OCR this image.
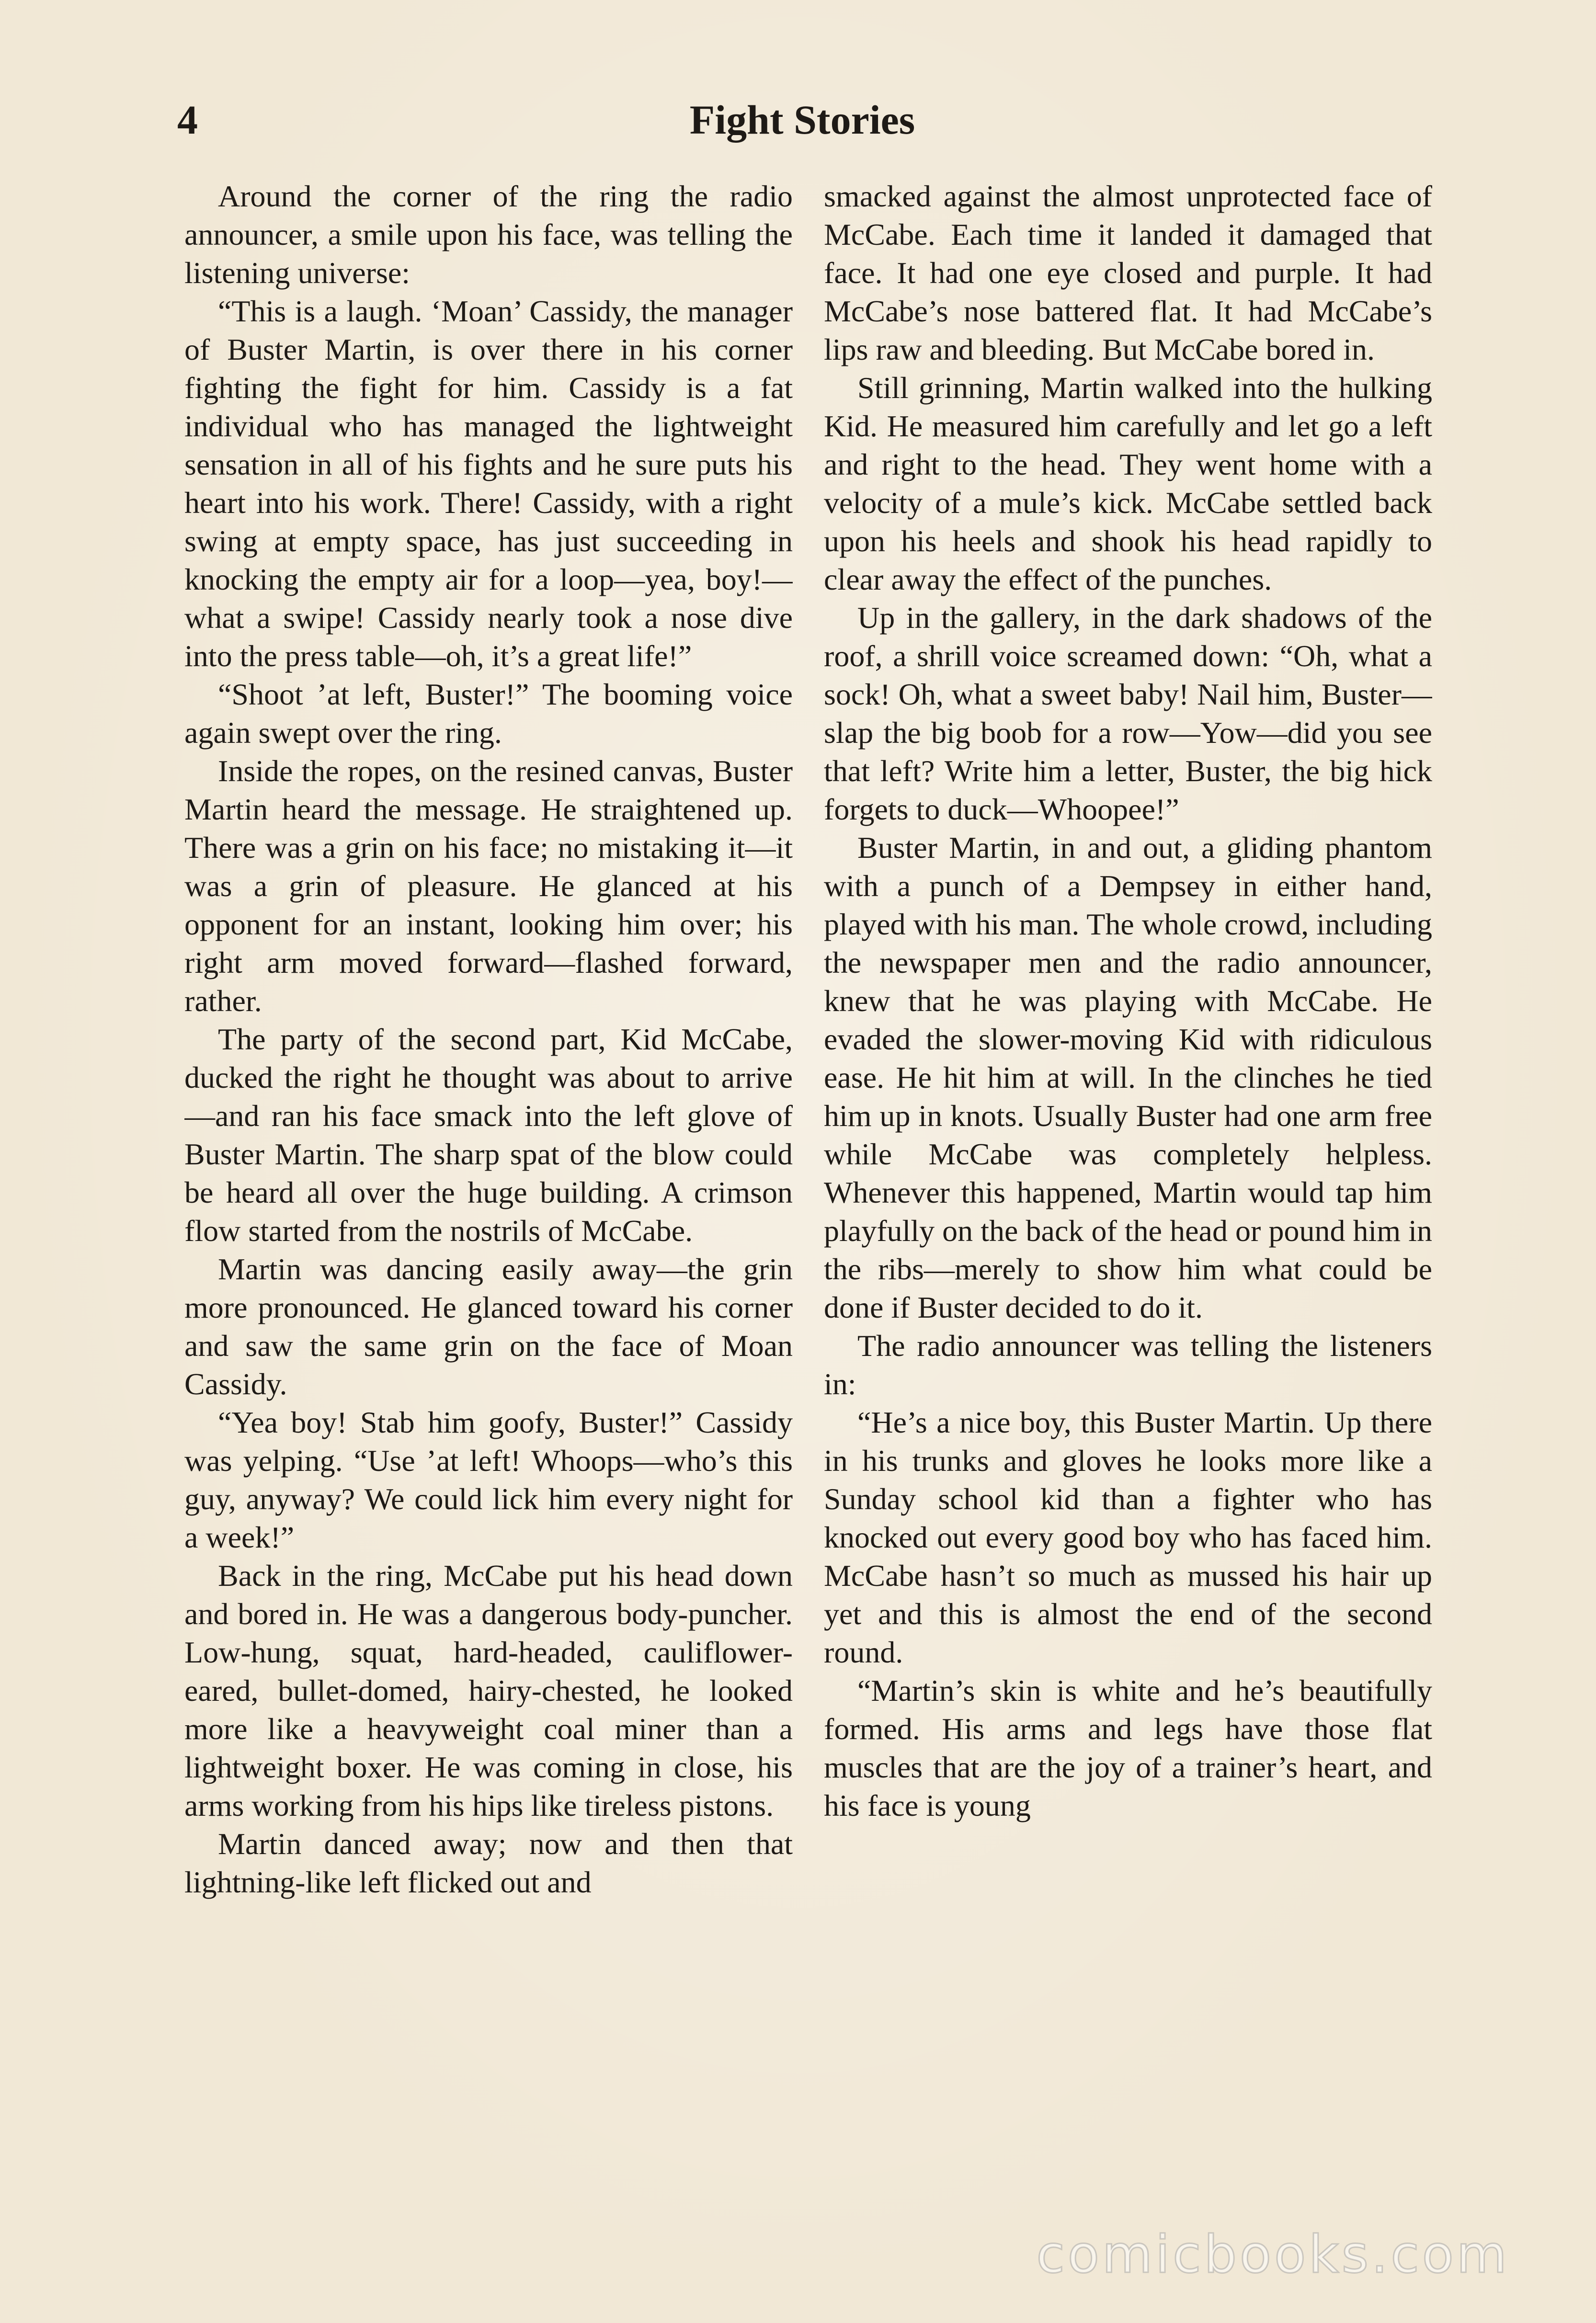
4	Fight Stories

Around the corner of the ring the radio announcer, a smile upon his face, was telling the listening universe:

“This is a laugh. ‘Moan’ Cassidy, the manager of Buster Martin, is over there in his corner fighting the fight for him. Cassidy is a fat individual who has managed the lightweight sensation in all of his fights and he sure puts his heart into his work. There! Cassidy, with a right swing at empty space, has just succeeding in knocking the empty air for a loop—yea, boy!—what a swipe! Cassidy nearly took a nose dive into the press table—oh, it’s a great life!”

“Shoot ’at left, Buster!” The booming voice again swept over the ring.

Inside the ropes, on the resined canvas, Buster Martin heard the message. He straightened up. There was a grin on his face; no mistaking it—it was a grin of pleasure. He glanced at his opponent for an instant, looking him over; his right arm moved forward—flashed forward, rather.

The party of the second part, Kid McCabe, ducked the right he thought was about to arrive—and ran his face smack into the left glove of Buster Martin. The sharp spat of the blow could be heard all over the huge building. A crimson flow started from the nostrils of McCabe.

Martin was dancing easily away—the grin more pronounced. He glanced toward his corner and saw the same grin on the face of Moan Cassidy.

“Yea boy! Stab him goofy, Buster!” Cassidy was yelping. “Use ’at left! Whoops—who’s this guy, anyway? We could lick him every night for a week!”

Back in the ring, McCabe put his head down and bored in. He was a dangerous body-puncher. Low-hung, squat, hard-headed, cauliflower-eared, bullet-domed, hairy-chested, he looked more like a heavyweight coal miner than a lightweight boxer. He was coming in close, his arms working from his hips like tireless pistons.

Martin danced away; now and then that lightning-like left flicked out and

smacked against the almost unprotected face of McCabe. Each time it landed it damaged that face. It had one eye closed and purple. It had McCabe’s nose battered flat. It had McCabe’s lips raw and bleeding. But McCabe bored in.

Still grinning, Martin walked into the hulking Kid. He measured him carefully and let go a left and right to the head. They went home with a velocity of a mule’s kick. McCabe settled back upon his heels and shook his head rapidly to clear away the effect of the punches.

Up in the gallery, in the dark shadows of the roof, a shrill voice screamed down: “Oh, what a sock! Oh, what a sweet baby! Nail him, Buster—slap the big boob for a row—Yow—did you see that left? Write him a letter, Buster, the big hick forgets to duck—Whoopee!”

Buster Martin, in and out, a gliding phantom with a punch of a Dempsey in either hand, played with his man. The whole crowd, including the newspaper men and the radio announcer, knew that he was playing with McCabe. He evaded the slower-moving Kid with ridiculous ease. He hit him at will. In the clinches he tied him up in knots. Usually Buster had one arm free while McCabe was completely helpless. Whenever this happened, Martin would tap him playfully on the back of the head or pound him in the ribs—merely to show him what could be done if Buster decided to do it.

The radio announcer was telling the listeners in:

“He’s a nice boy, this Buster Martin. Up there in his trunks and gloves he looks more like a Sunday school kid than a fighter who has knocked out every good boy who has faced him. McCabe hasn’t so much as mussed his hair up yet and this is almost the end of the second round.

“Martin’s skin is white and he’s beautifully formed. His arms and legs have those flat muscles that are the joy of a trainer’s heart, and his face is young

comicbooks.com
